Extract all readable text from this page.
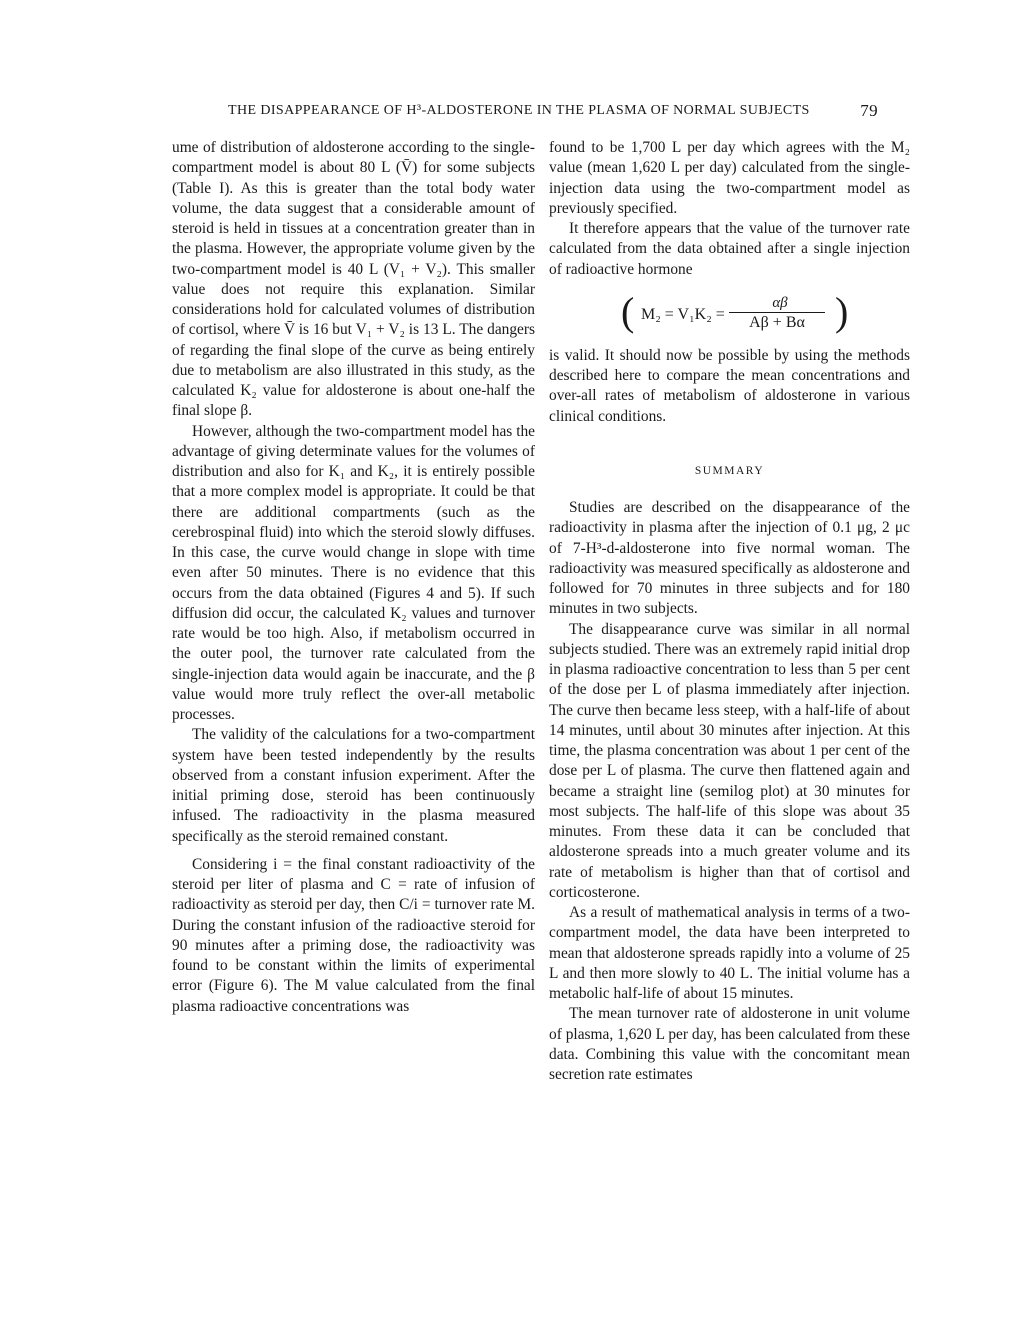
THE DISAPPEARANCE OF H³-ALDOSTERONE IN THE PLASMA OF NORMAL SUBJECTS	79

ume of distribution of aldosterone according to the single-compartment model is about 80 L (V̄) for some subjects (Table I). As this is greater than the total body water volume, the data suggest that a considerable amount of steroid is held in tissues at a concentration greater than in the plasma. However, the appropriate volume given by the two-compartment model is 40 L (V₁ + V₂). This smaller value does not require this explanation. Similar considerations hold for calculated volumes of distribution of cortisol, where V̄ is 16 but V₁ + V₂ is 13 L. The dangers of regarding the final slope of the curve as being entirely due to metabolism are also illustrated in this study, as the calculated K₂ value for aldosterone is about one-half the final slope β.

However, although the two-compartment model has the advantage of giving determinate values for the volumes of distribution and also for K₁ and K₂, it is entirely possible that a more complex model is appropriate. It could be that there are additional compartments (such as the cerebrospinal fluid) into which the steroid slowly diffuses. In this case, the curve would change in slope with time even after 50 minutes. There is no evidence that this occurs from the data obtained (Figures 4 and 5). If such diffusion did occur, the calculated K₂ values and turnover rate would be too high. Also, if metabolism occurred in the outer pool, the turnover rate calculated from the single-injection data would again be inaccurate, and the β value would more truly reflect the over-all metabolic processes.

The validity of the calculations for a two-compartment system have been tested independently by the results observed from a constant infusion experiment. After the initial priming dose, steroid has been continuously infused. The radioactivity in the plasma measured specifically as the steroid remained constant.

Considering i = the final constant radioactivity of the steroid per liter of plasma and C = rate of infusion of radioactivity as steroid per day, then C/i = turnover rate M. During the constant infusion of the radioactive steroid for 90 minutes after a priming dose, the radioactivity was found to be constant within the limits of experimental error (Figure 6). The M value calculated from the final plasma radioactive concentrations was

found to be 1,700 L per day which agrees with the M₂ value (mean 1,620 L per day) calculated from the single-injection data using the two-compartment model as previously specified.

It therefore appears that the value of the turnover rate calculated from the data obtained after a single injection of radioactive hormone

( M₂ = V₁K₂ =
αβ
Aβ + Bα )

is valid. It should now be possible by using the methods described here to compare the mean concentrations and over-all rates of metabolism of aldosterone in various clinical conditions.

SUMMARY

Studies are described on the disappearance of the radioactivity in plasma after the injection of 0.1 μg, 2 μc of 7-H³-d-aldosterone into five normal woman. The radioactivity was measured specifically as aldosterone and followed for 70 minutes in three subjects and for 180 minutes in two subjects.

The disappearance curve was similar in all normal subjects studied. There was an extremely rapid initial drop in plasma radioactive concentration to less than 5 per cent of the dose per L of plasma immediately after injection. The curve then became less steep, with a half-life of about 14 minutes, until about 30 minutes after injection. At this time, the plasma concentration was about 1 per cent of the dose per L of plasma. The curve then flattened again and became a straight line (semilog plot) at 30 minutes for most subjects. The half-life of this slope was about 35 minutes. From these data it can be concluded that aldosterone spreads into a much greater volume and its rate of metabolism is higher than that of cortisol and corticosterone.

As a result of mathematical analysis in terms of a two-compartment model, the data have been interpreted to mean that aldosterone spreads rapidly into a volume of 25 L and then more slowly to 40 L. The initial volume has a metabolic half-life of about 15 minutes.

The mean turnover rate of aldosterone in unit volume of plasma, 1,620 L per day, has been calculated from these data. Combining this value with the concomitant mean secretion rate estimates
